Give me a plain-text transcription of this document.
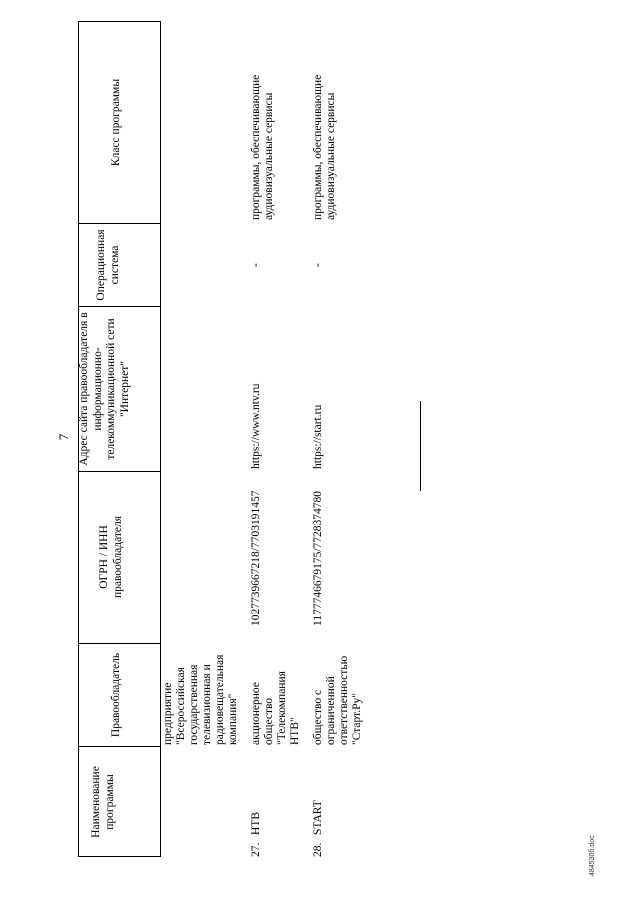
7
Наименование программы
Правообладатель
ОГРН / ИНН правообладателя
Адрес сайта правообладателя в информационно-телекоммуникационной сети "Интернет"
Операционная система
Класс программы
предприятие "Всероссийская государственная телевизионная и радиовещательная компания"
27.
НТВ
акционерное общество "Телекомпания НТВ"
1027739667218/7703191457
https://www.ntv.ru
-
программы, обеспечивающие аудиовизуальные сервисы
28.
START
общество с ограниченной ответственностью "Старт.Ру"
1177746679175/7728374780
https://start.ru
-
программы, обеспечивающие аудиовизуальные сервисы
484530б.doc
